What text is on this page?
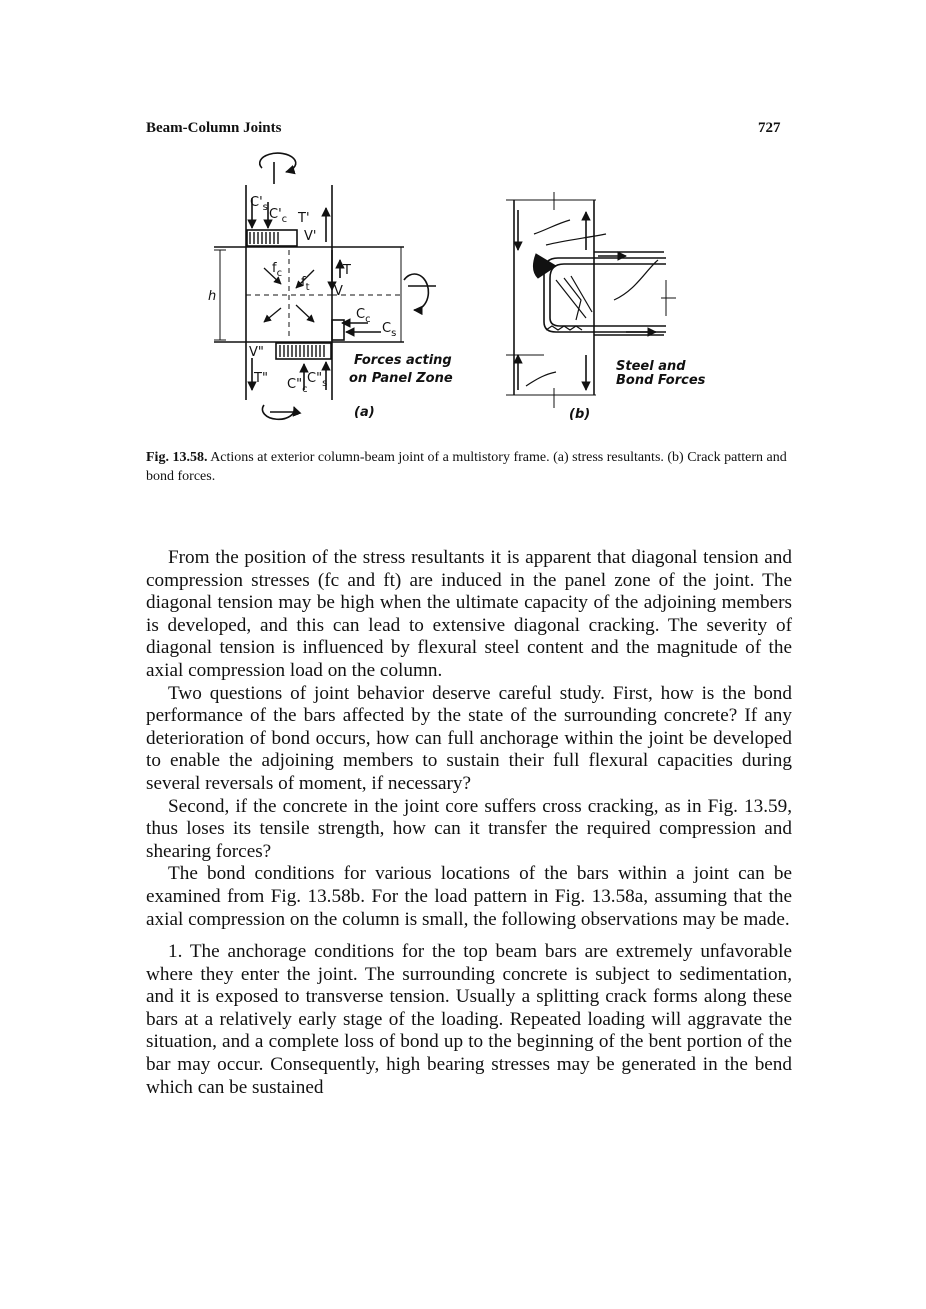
Beam-Column Joints	727
$C'_s$ $C'_c$ T'
V'
T
V
$C_c$
$C_s$
$f_c$
$f_t$
h
V"
T" $C"_c$
$C"_s$
Forces acting
on Panel Zone
(a)
Steel and
Bond Forces
(b)
Fig. 13.58. Actions at exterior column-beam joint of a multistory frame. (a) stress resultants. (b) Crack pattern and bond forces.

From the position of the stress resultants it is apparent that diagonal tension and compression stresses (fc and ft) are induced in the panel zone of the joint. The diagonal tension may be high when the ultimate capacity of the adjoining members is developed, and this can lead to extensive diagonal cracking. The severity of diagonal tension is influenced by flexural steel content and the magnitude of the axial compression load on the column.

Two questions of joint behavior deserve careful study. First, how is the bond performance of the bars affected by the state of the surrounding concrete? If any deterioration of bond occurs, how can full anchorage within the joint be developed to enable the adjoining members to sustain their full flexural capacities during several reversals of moment, if necessary?

Second, if the concrete in the joint core suffers cross cracking, as in Fig. 13.59, thus loses its tensile strength, how can it transfer the required compression and shearing forces?

The bond conditions for various locations of the bars within a joint can be examined from Fig. 13.58b. For the load pattern in Fig. 13.58a, assuming that the axial compression on the column is small, the following observations may be made.

1. The anchorage conditions for the top beam bars are extremely unfavorable where they enter the joint. The surrounding concrete is subject to sedimentation, and it is exposed to transverse tension. Usually a splitting crack forms along these bars at a relatively early stage of the loading. Repeated loading will aggravate the situation, and a complete loss of bond up to the beginning of the bent portion of the bar may occur. Consequently, high bearing stresses may be generated in the bend which can be sustained
